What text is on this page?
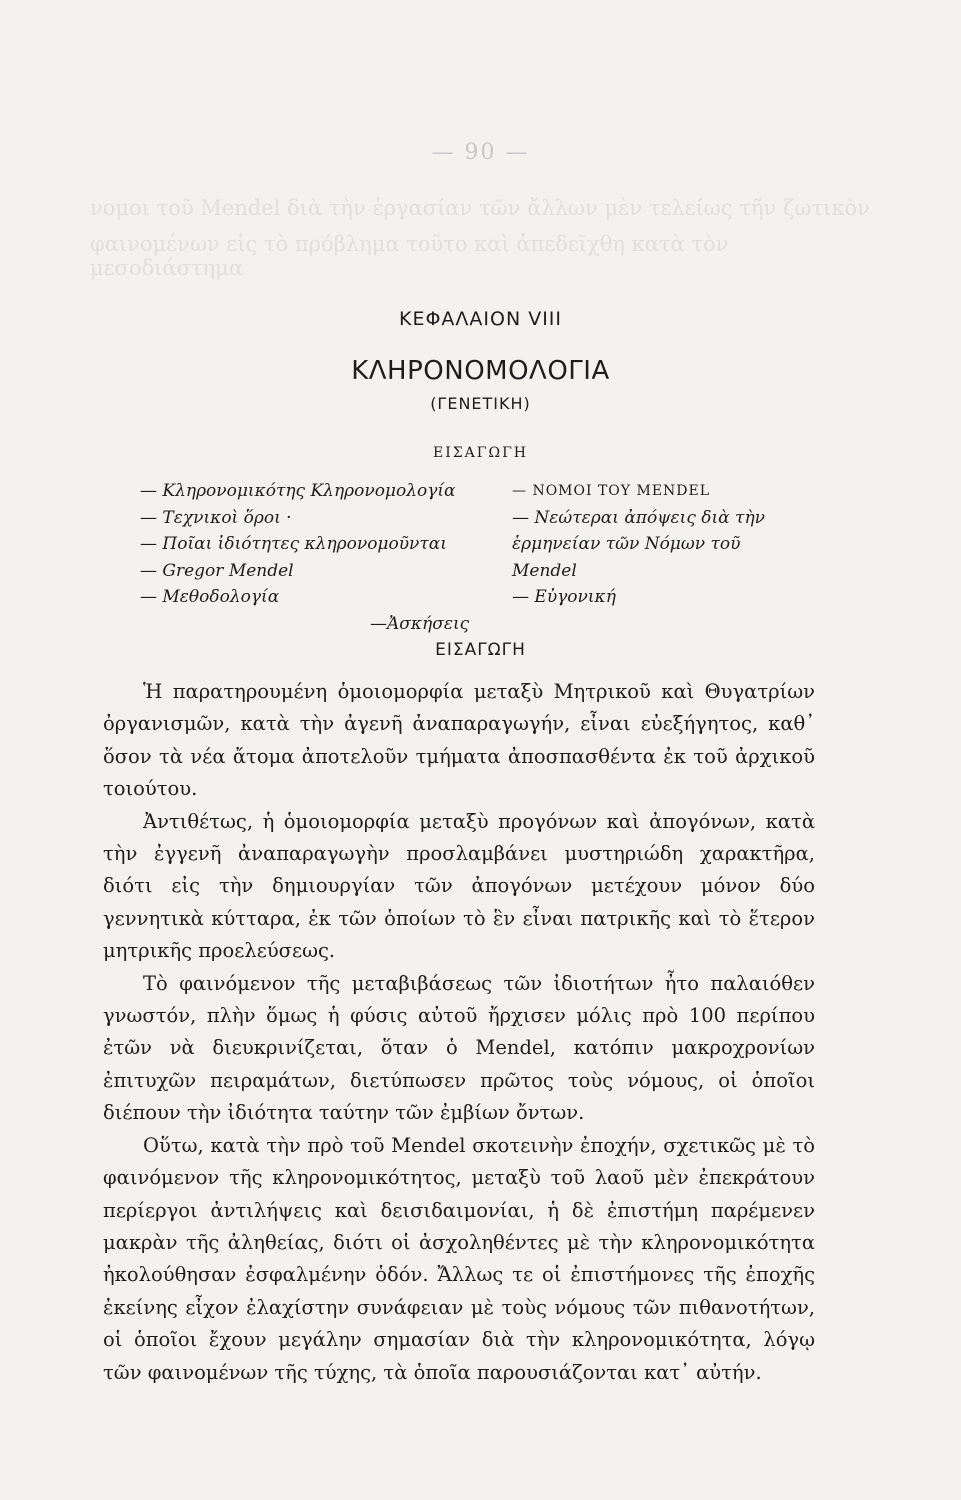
— 90 —
νομοι τοῦ Mendel διὰ τὴν ἐργασίαν τῶν ἄλλων μὲν τελείως τῆν ζωτικὸν
φαινομένων εἰς τὸ πρόβλημα τοῦτο καὶ ἀπεδεῖχθη κατὰ τὸν μεσοδιάστημα
ΚΕΦΑΛΑΙΟΝ VIII
ΚΛΗΡΟΝΟΜΟΛΟΓΙΑ
(ΓΕΝΕΤΙΚΗ)
ΕΙΣΑΓΩΓΗ
— Κληρονομικότης Κληρονομολογία	— ΝΟΜΟΙ ΤΟΥ MENDEL
— Τεχνικοὶ ὅροι ·	— Νεώτεραι ἀπόψεις διὰ τὴν
— Ποῖαι ἰδιότητες κληρονομοῦνται	ἑρμηνείαν τῶν Νόμων τοῦ
— Gregor Mendel	Mendel
— Μεθοδολογία	— Εὐγονική
—Ἀσκήσεις
ΕΙΣΑΓΩΓΗ

Ἡ παρατηρουμένη ὁμοιομορφία μεταξὺ Μητρικοῦ καὶ Θυγατρίων ὀργανισμῶν, κατὰ τὴν ἀγενῆ ἀναπαραγωγήν, εἶναι εὐεξήγητος, καθ᾽ ὅσον τὰ νέα ἄτομα ἀποτελοῦν τμήματα ἀποσπασθέντα ἐκ τοῦ ἀρχικοῦ τοιούτου.

Ἀντιθέτως, ἡ ὁμοιομορφία μεταξὺ προγόνων καὶ ἀπογόνων, κατὰ τὴν ἐγγενῆ ἀναπαραγωγὴν προσλαμβάνει μυστηριώδη χαρακτῆρα, διότι εἰς τὴν δημιουργίαν τῶν ἀπογόνων μετέχουν μόνον δύο γεννητικὰ κύτταρα, ἐκ τῶν ὁποίων τὸ ἓν εἶναι πατρικῆς καὶ τὸ ἕτερον μητρικῆς προελεύσεως.

Τὸ φαινόμενον τῆς μεταβιβάσεως τῶν ἰδιοτήτων ἦτο παλαιόθεν γνωστόν, πλὴν ὅμως ἡ φύσις αὐτοῦ ἤρχισεν μόλις πρὸ 100 περίπου ἐτῶν νὰ διευκρινίζεται, ὅταν ὁ Mendel, κατόπιν μακροχρονίων ἐπιτυχῶν πειραμάτων, διετύπωσεν πρῶτος τοὺς νόμους, οἱ ὁποῖοι διέπουν τὴν ἰδιότητα ταύτην τῶν ἐμβίων ὄντων.

Οὕτω, κατὰ τὴν πρὸ τοῦ Mendel σκοτεινὴν ἐποχήν, σχετικῶς μὲ τὸ φαινόμενον τῆς κληρονομικότητος, μεταξὺ τοῦ λαοῦ μὲν ἐπεκράτουν περίεργοι ἀντιλήψεις καὶ δεισιδαιμονίαι, ἡ δὲ ἐπιστήμη παρέμενεν μακρὰν τῆς ἀληθείας, διότι οἱ ἀσχοληθέντες μὲ τὴν κληρονομικότητα ἠκολούθησαν ἐσφαλμένην ὁδόν. Ἄλλως τε οἱ ἐπιστήμονες τῆς ἐποχῆς ἐκείνης εἶχον ἐλαχίστην συνάφειαν μὲ τοὺς νόμους τῶν πιθανοτήτων, οἱ ὁποῖοι ἔχουν μεγάλην σημασίαν διὰ τὴν κληρονομικότητα, λόγῳ τῶν φαινομένων τῆς τύχης, τὰ ὁποῖα παρουσιάζονται κατ᾽ αὐτήν.
